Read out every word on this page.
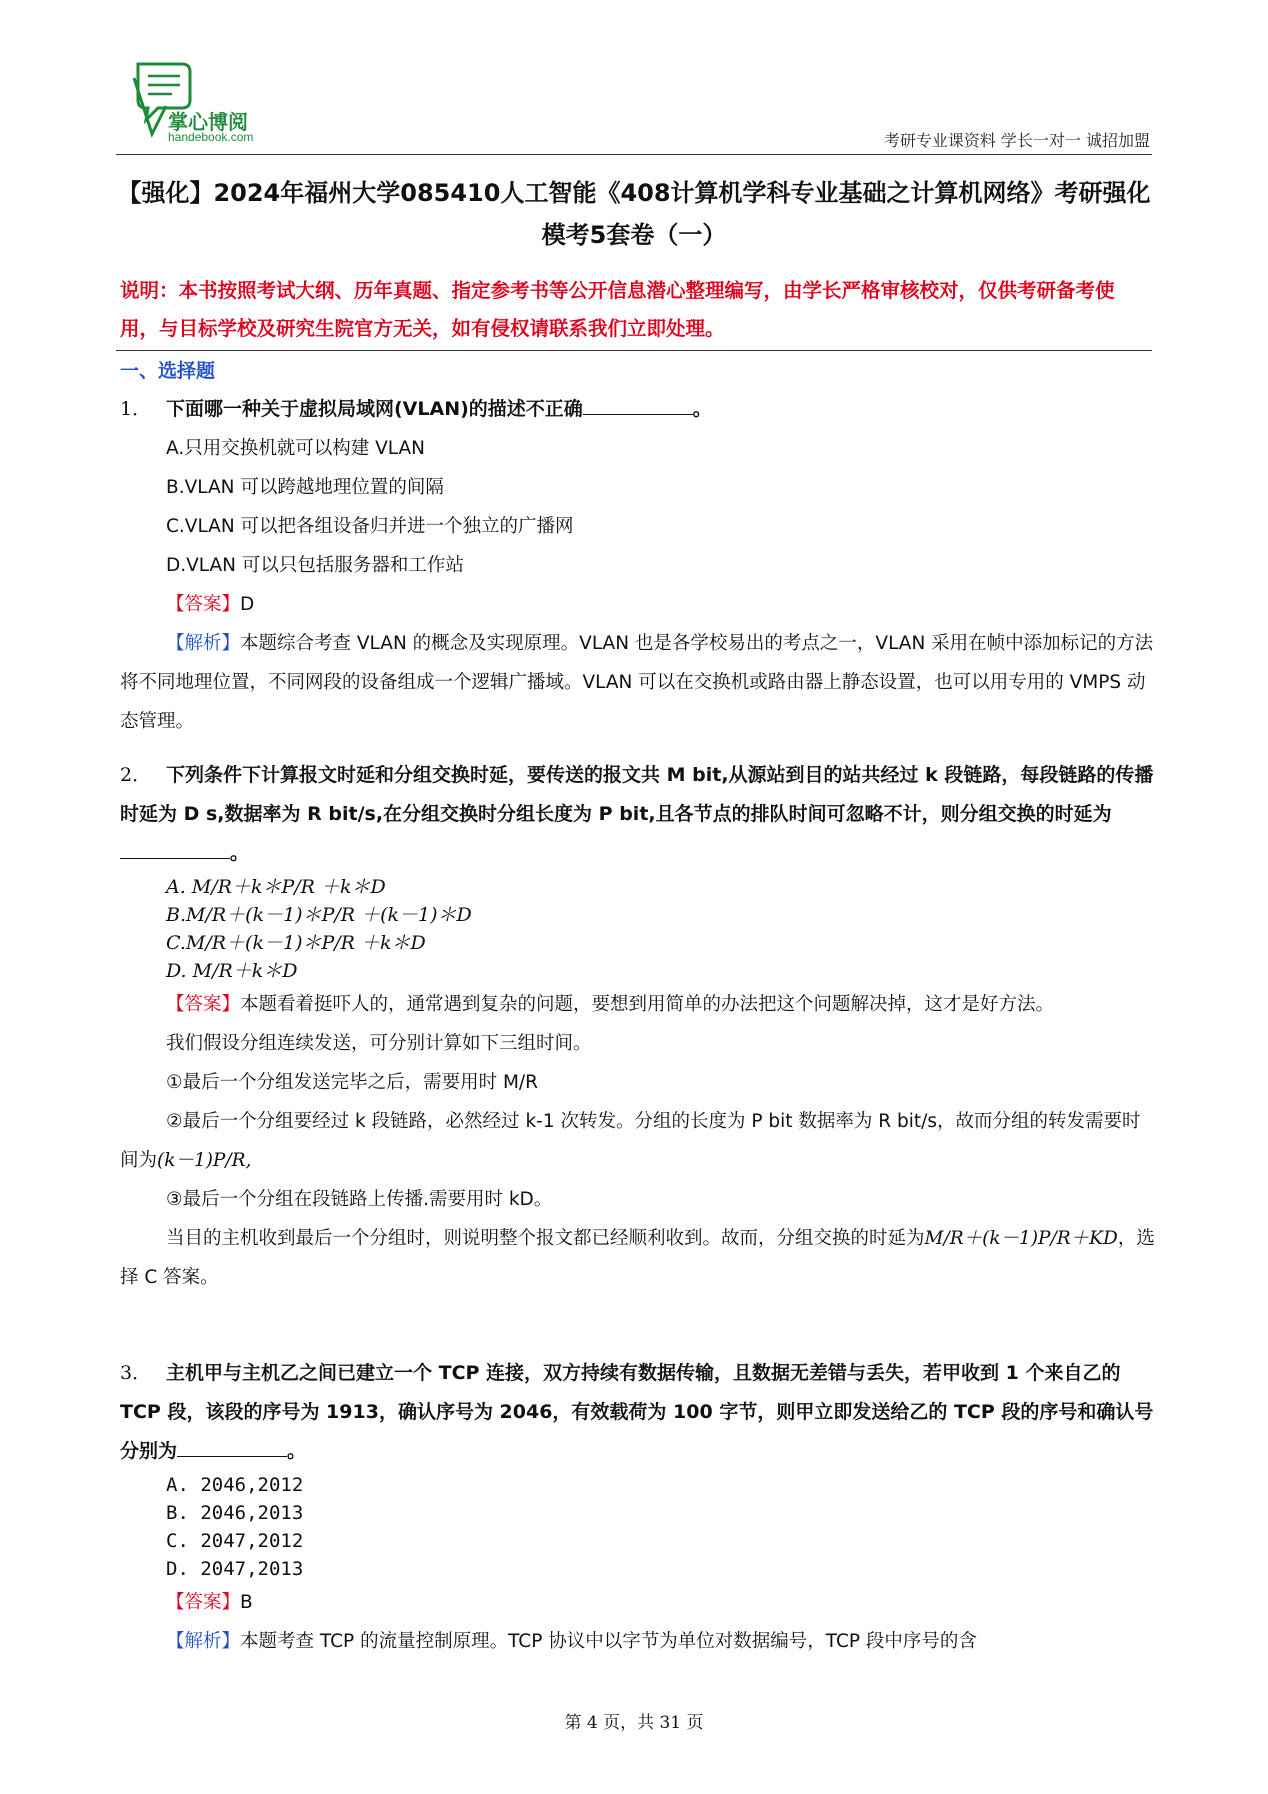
掌心博阅
handebook.com	考研专业课资料 学长一对一 诚招加盟
【强化】2024年福州大学085410人工智能《408计算机学科专业基础之计算机网络》考研强化模考5套卷（一）
说明：本书按照考试大纲、历年真题、指定参考书等公开信息潜心整理编写，由学长严格审核校对，仅供考研备考使用，与目标学校及研究生院官方无关，如有侵权请联系我们立即处理。
一、选择题
1． 下面哪一种关于虚拟局域网(VLAN)的描述不正确	。
A.只用交换机就可以构建 VLAN
B.VLAN 可以跨越地理位置的间隔
C.VLAN 可以把各组设备归并进一个独立的广播网
D.VLAN 可以只包括服务器和工作站
【答案】D
【解析】本题综合考查 VLAN 的概念及实现原理。VLAN 也是各学校易出的考点之一，VLAN 采用在帧中添加标记的方法将不同地理位置，不同网段的设备组成一个逻辑广播域。VLAN 可以在交换机或路由器上静态设置，也可以用专用的 VMPS 动态管理。
2． 下列条件下计算报文时延和分组交换时延，要传送的报文共 M bit,从源站到目的站共经过 k 段链路，每段链路的传播时延为 D s,数据率为 R bit/s,在分组交换时分组长度为 P bit,且各节点的排队时间可忽略不计，则分组交换的时延为。
A. M/R＋k＊P/R ＋k＊D
B.M/R＋(k－1)＊P/R ＋(k－1)＊D
C.M/R＋(k－1)＊P/R ＋k＊D
D. M/R＋k＊D
【答案】本题看着挺吓人的，通常遇到复杂的问题，要想到用简单的办法把这个问题解决掉，这才是好方法。
我们假设分组连续发送，可分别计算如下三组时间。
①最后一个分组发送完毕之后，需要用时 M/R
②最后一个分组要经过 k 段链路，必然经过 k-1 次转发。分组的长度为 P bit 数据率为 R bit/s，故而分组的转发需要时间为(k－1)P/R,
③最后一个分组在段链路上传播.需要用时 kD。
当目的主机收到最后一个分组时，则说明整个报文都已经顺利收到。故而，分组交换的时延为M/R＋(k－1)P/R＋KD，选择 C 答案。
3． 主机甲与主机乙之间已建立一个 TCP 连接，双方持续有数据传输，且数据无差错与丢失，若甲收到 1 个来自乙的 TCP 段，该段的序号为 1913，确认序号为 2046，有效载荷为 100 字节，则甲立即发送给乙的 TCP 段的序号和确认号分别为	。
A. 2046,2012
B. 2046,2013
C. 2047,2012
D. 2047,2013
【答案】B
【解析】本题考查 TCP 的流量控制原理。TCP 协议中以字节为单位对数据编号，TCP 段中序号的含
第 4 页，共 31 页
